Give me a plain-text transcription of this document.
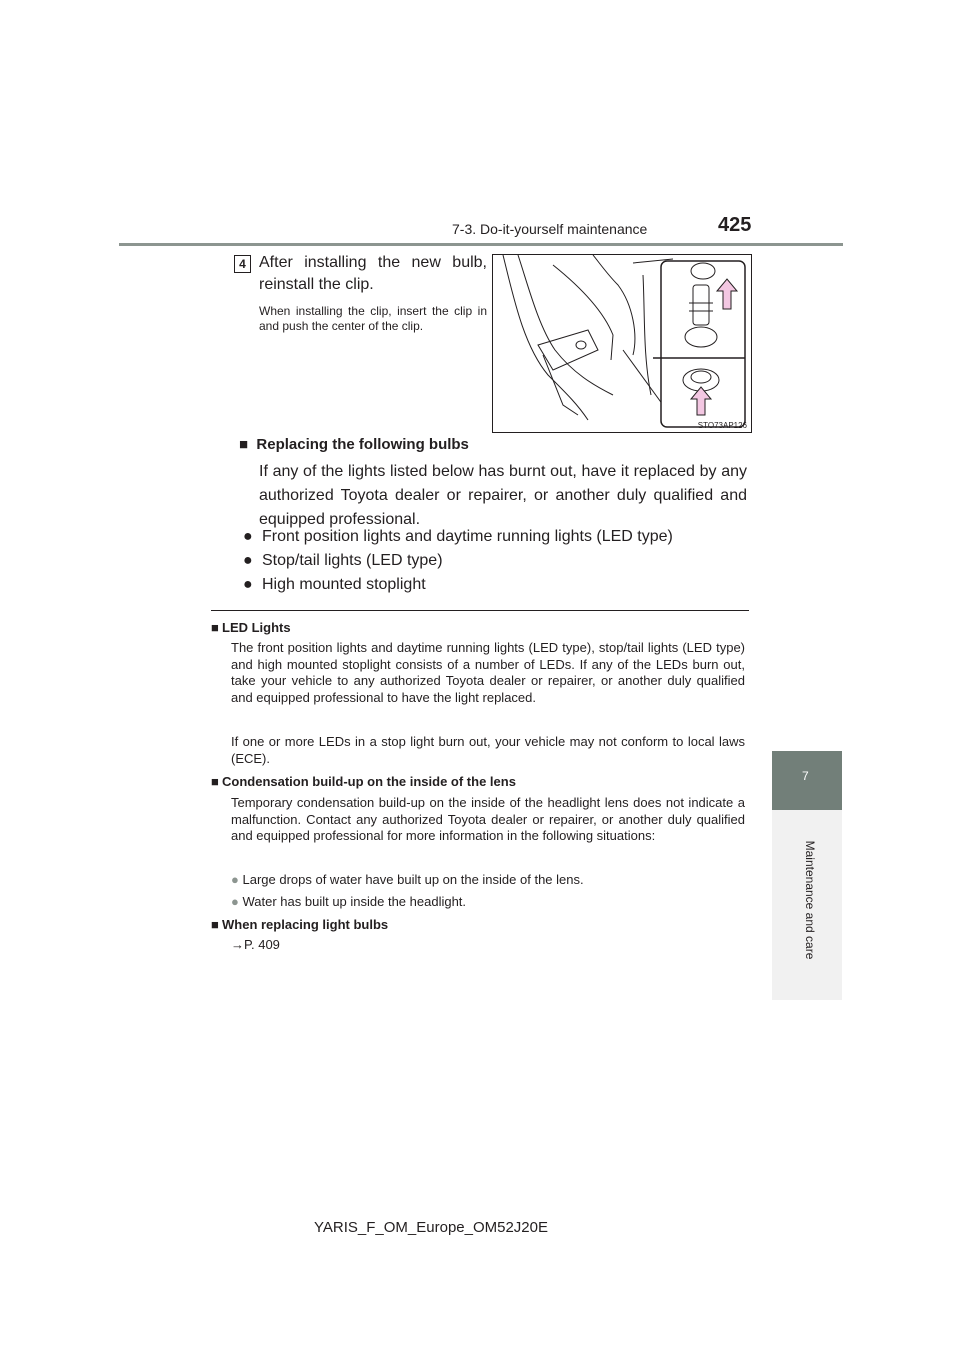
7-3. Do-it-yourself maintenance	425
7
Maintenance and care
4 After installing the new bulb, reinstall the clip.
When installing the clip, insert the clip in and push the center of the clip.
STO73AP126
■  Replacing the following bulbs
If any of the lights listed below has burnt out, have it replaced by any authorized Toyota dealer or repairer, or another duly qualified and equipped professional.
● Front position lights and daytime running lights (LED type)
● Stop/tail lights (LED type)
● High mounted stoplight
■ LED Lights
The front position lights and daytime running lights (LED type), stop/tail lights (LED type) and high mounted stoplight consists of a number of LEDs. If any of the LEDs burn out, take your vehicle to any authorized Toyota dealer or repairer, or another duly qualified and equipped professional to have the light replaced.
If one or more LEDs in a stop light burn out, your vehicle may not conform to local laws (ECE).
■ Condensation build-up on the inside of the lens
Temporary condensation build-up on the inside of the headlight lens does not indicate a malfunction. Contact any authorized Toyota dealer or repairer, or another duly qualified and equipped professional for more information in the following situations:
● Large drops of water have built up on the inside of the lens.
● Water has built up inside the headlight.
■ When replacing light bulbs
→P. 409
YARIS_F_OM_Europe_OM52J20E
